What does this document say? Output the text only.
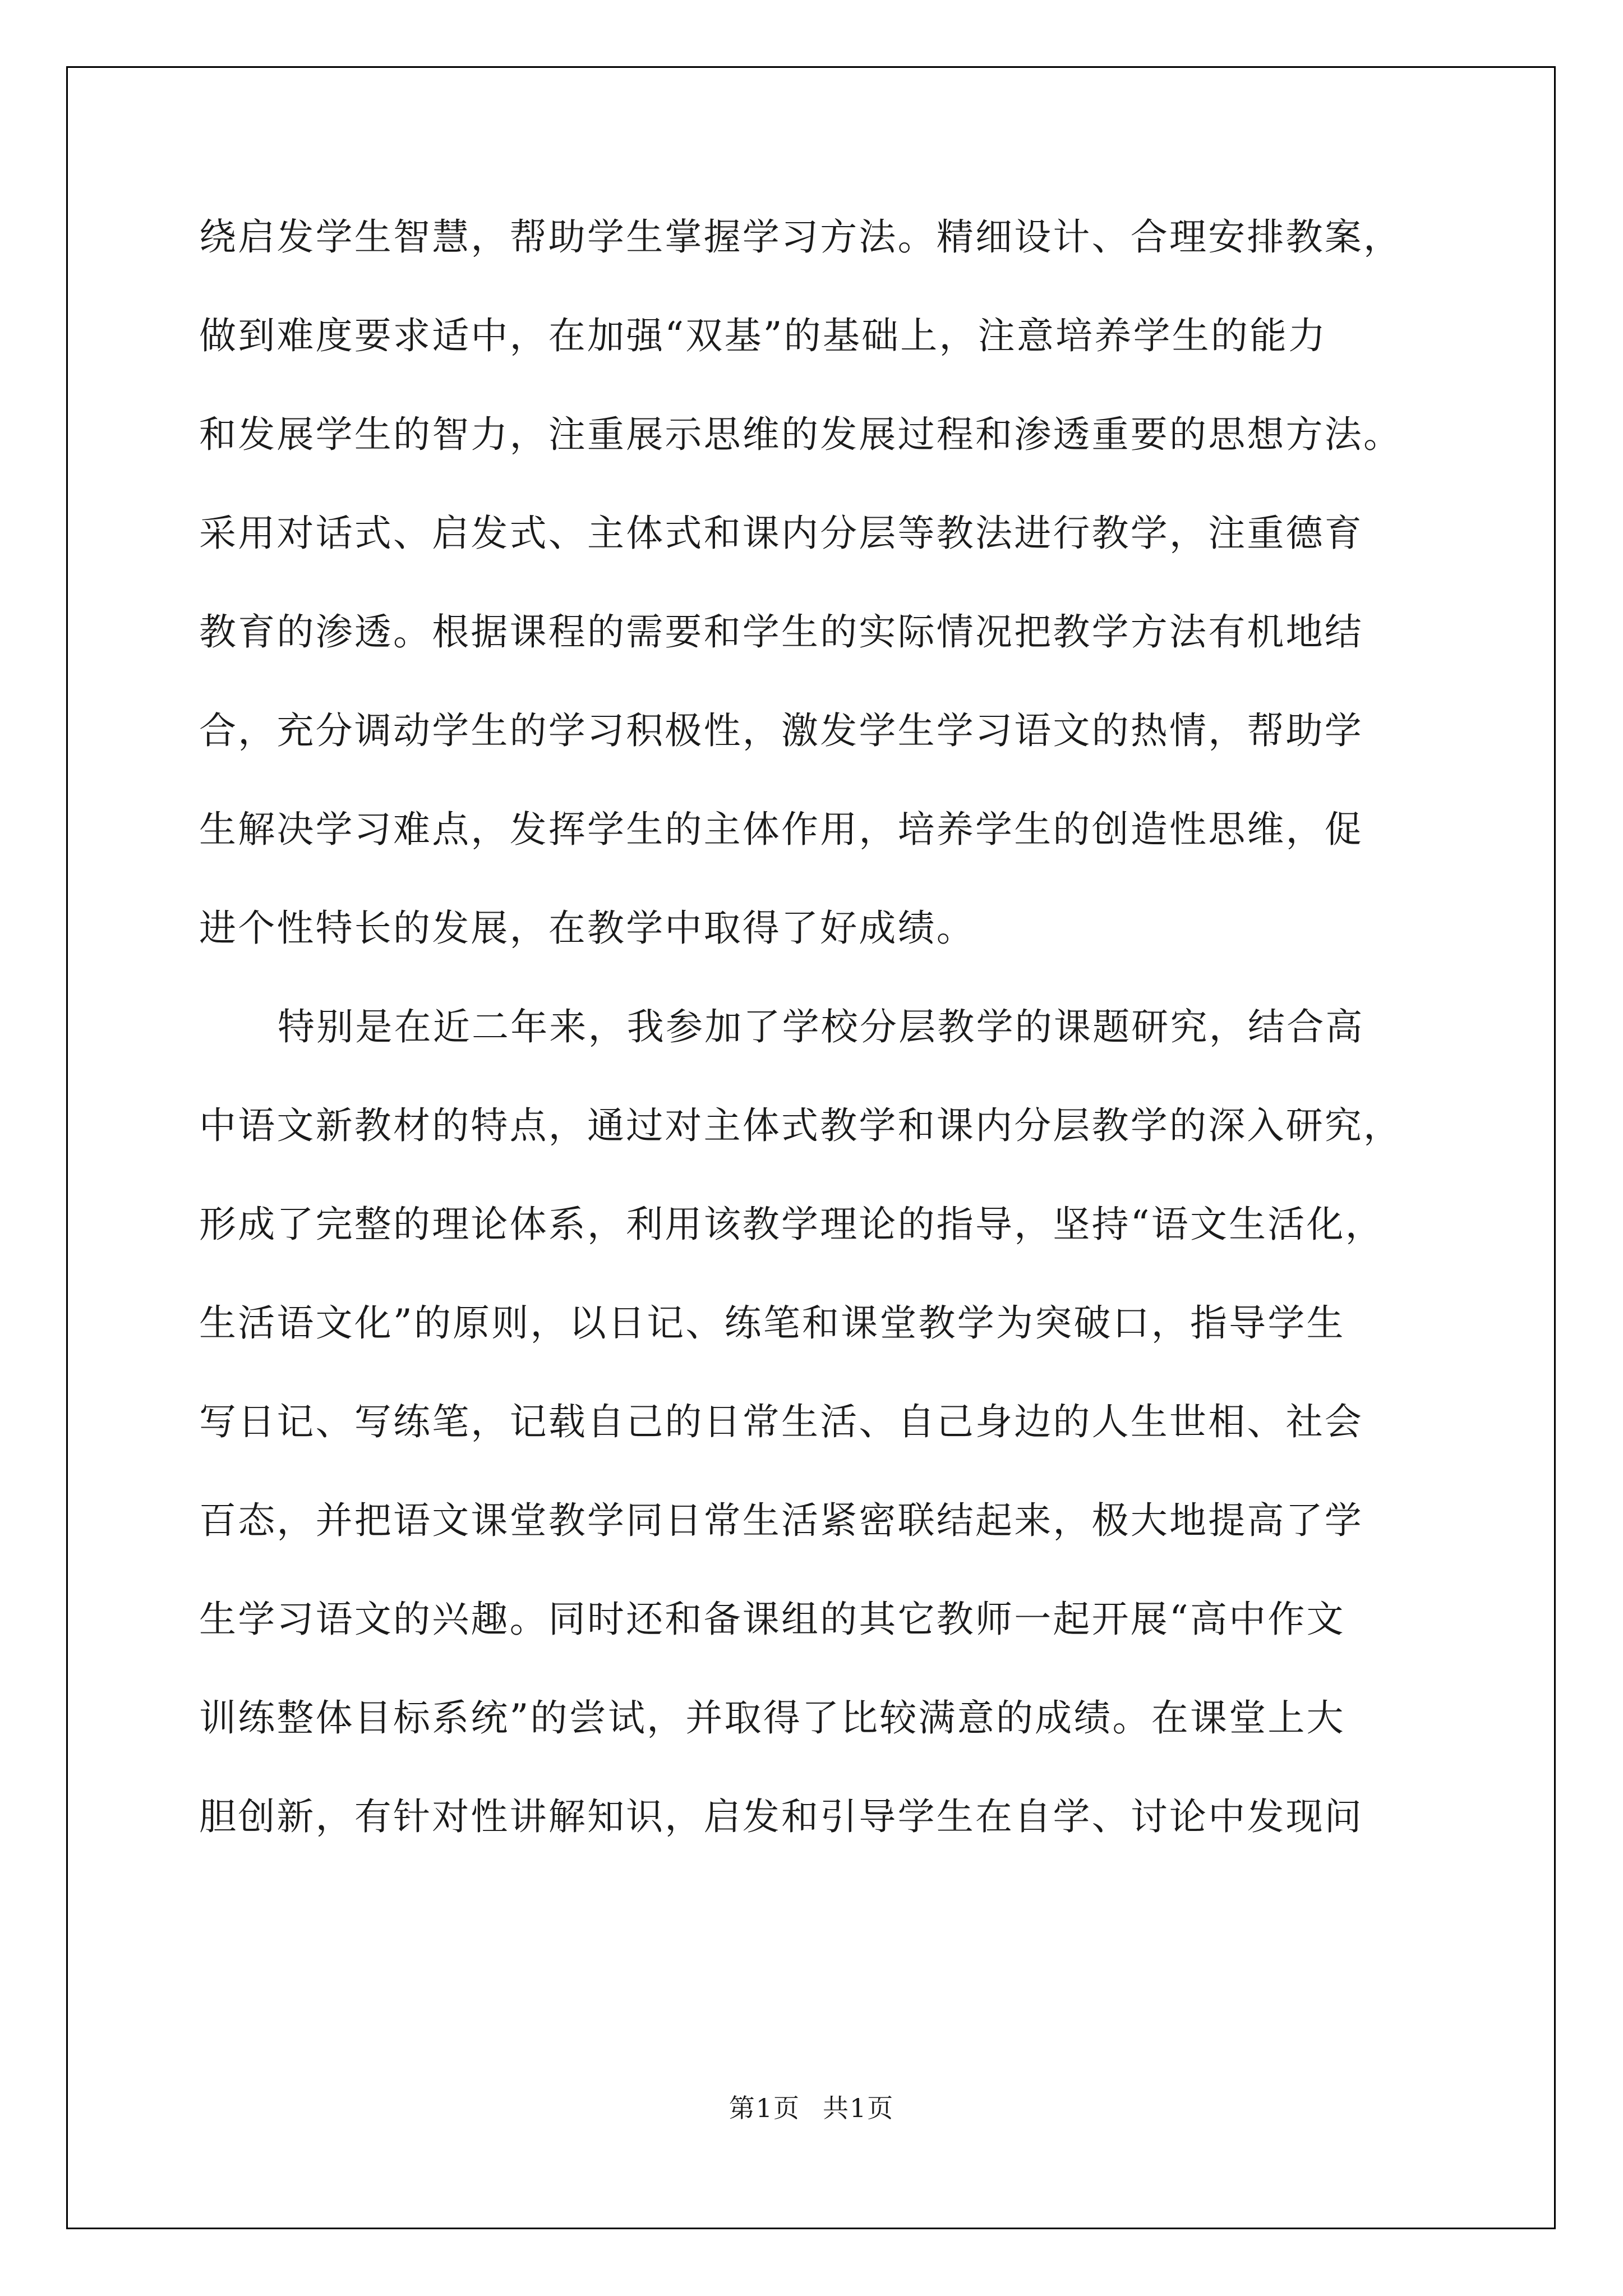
绕启发学生智慧，帮助学生掌握学习方法。精细设计、合理安排教案，

做到难度要求适中，在加强“双基”的基础上，注意培养学生的能力

和发展学生的智力，注重展示思维的发展过程和渗透重要的思想方法。

采用对话式、启发式、主体式和课内分层等教法进行教学，注重德育

教育的渗透。根据课程的需要和学生的实际情况把教学方法有机地结

合，充分调动学生的学习积极性，激发学生学习语文的热情，帮助学

生解决学习难点，发挥学生的主体作用，培养学生的创造性思维，促

进个性特长的发展，在教学中取得了好成绩。

特别是在近二年来，我参加了学校分层教学的课题研究，结合高

中语文新教材的特点，通过对主体式教学和课内分层教学的深入研究，

形成了完整的理论体系，利用该教学理论的指导，坚持“语文生活化，

生活语文化”的原则，以日记、练笔和课堂教学为突破口，指导学生

写日记、写练笔，记载自己的日常生活、自己身边的人生世相、社会

百态，并把语文课堂教学同日常生活紧密联结起来，极大地提高了学

生学习语文的兴趣。同时还和备课组的其它教师一起开展“高中作文

训练整体目标系统”的尝试，并取得了比较满意的成绩。在课堂上大

胆创新，有针对性讲解知识，启发和引导学生在自学、讨论中发现问

第1页 共1页
